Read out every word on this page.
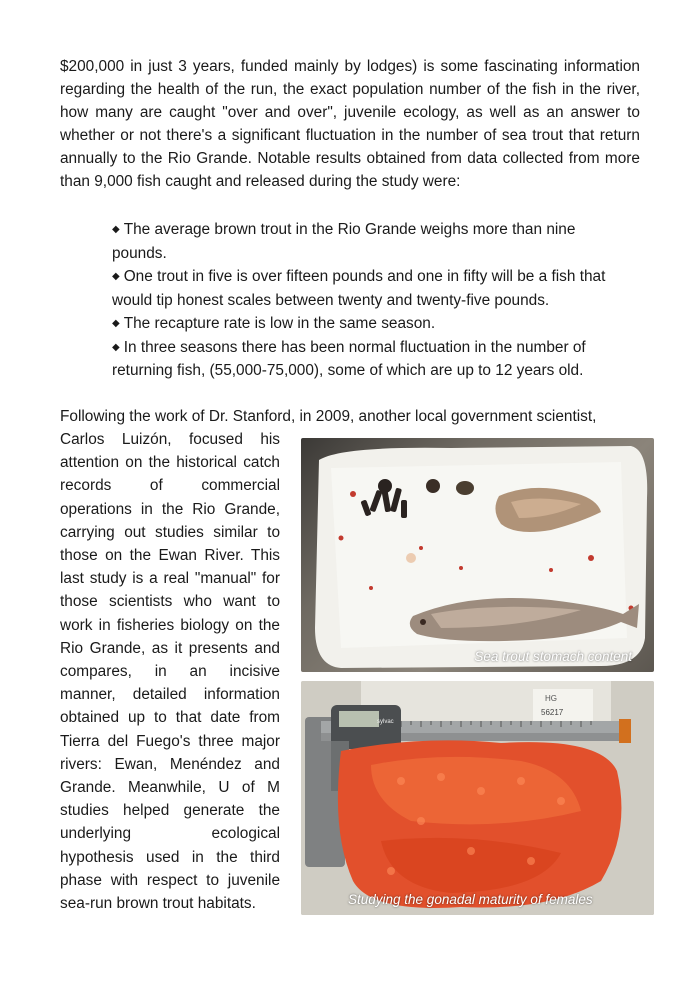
$200,000 in just 3 years, funded mainly by lodges) is some fascinating information regarding the health of the run, the exact population number of the fish in the river, how many are caught "over and over", juvenile ecology, as well as an answer to whether or not there's a significant fluctuation in the number of sea trout that return annually to the Rio Grande. Notable results obtained from data collected from more than 9,000 fish caught and released during the study were:
◆ The average brown trout in the Rio Grande weighs more than nine pounds.
◆ One trout in five is over fifteen pounds and one in fifty will be a fish that would tip honest scales between twenty and twenty-five pounds.
◆ The recapture rate is low in the same season.
◆ In three seasons there has been normal fluctuation in the number of returning fish, (55,000-75,000), some of which are up to 12 years old.
Following the work of Dr. Stanford, in 2009, another local government scientist,
Carlos Luizón, focused his attention on the historical catch records of commercial operations in the Rio Grande, carrying out studies similar to those on the Ewan River. This last study is a real "manual" for those scientists who want to work in fisheries biology on the Rio Grande, as it presents and compares, in an incisive manner, detailed information obtained up to that date from Tierra del Fuego's three major rivers: Ewan, Menéndez and Grande. Meanwhile, U of M studies helped generate the underlying ecological hypothesis used in the third phase with respect to juvenile sea-run brown trout habitats.
Sea trout stomach content
HG
56217
sylvac
Studying the gonadal maturity of females
